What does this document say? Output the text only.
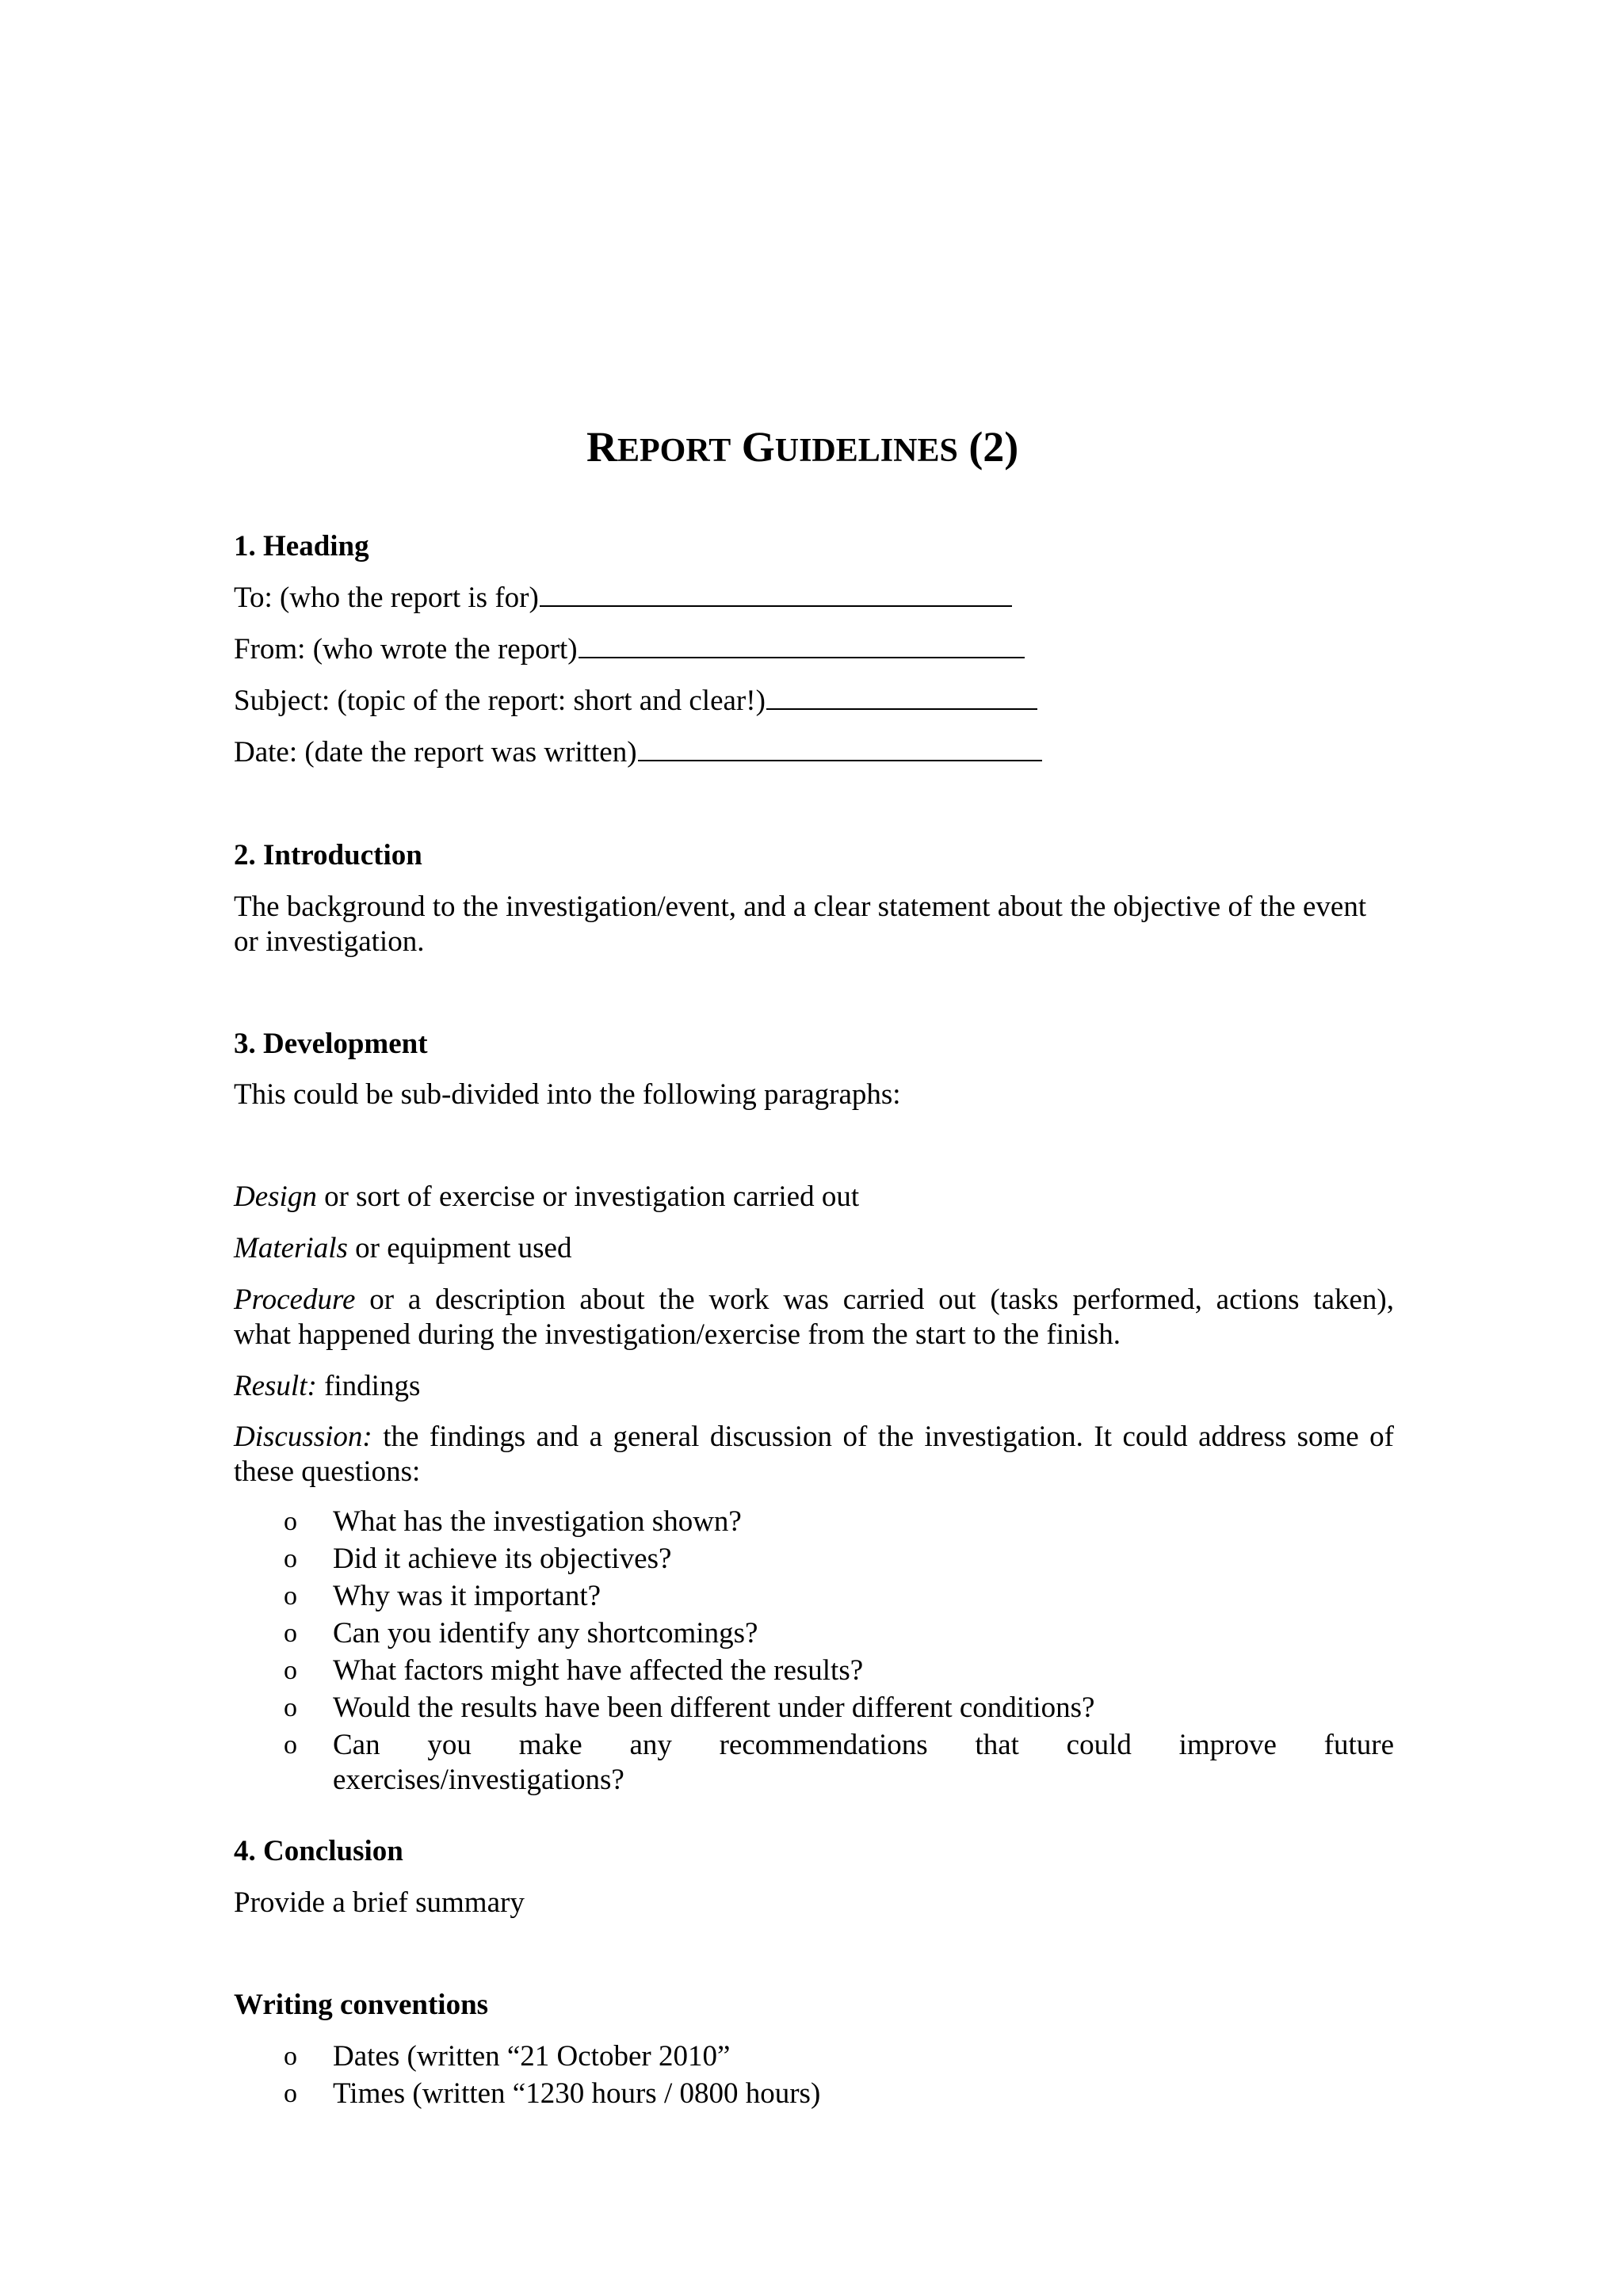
REPORT GUIDELINES (2)
1. Heading
To: (who the report is for)
From: (who wrote the report)
Subject: (topic of the report: short and clear!)
Date: (date the report was written)
2. Introduction
The background to the investigation/event, and a clear statement about the objective of the event
or investigation.
3. Development
This could be sub-divided into the following paragraphs:
Design or sort of exercise or investigation carried out
Materials or equipment used
Procedure or a description about the work was carried out (tasks performed, actions taken),
what happened during the investigation/exercise from the start to the finish.
Result: findings
Discussion: the findings and a general discussion of the investigation. It could address some of
these questions:
o What has the investigation shown?
o Did it achieve its objectives?
o Why was it important?
o Can you identify any shortcomings?
o What factors might have affected the results?
o Would the results have been different under different conditions?
o Can you make any recommendations that could improve future
exercises/investigations?
4. Conclusion
Provide a brief summary
Writing conventions
o Dates (written “21 October 2010”
o Times (written “1230 hours / 0800 hours)
